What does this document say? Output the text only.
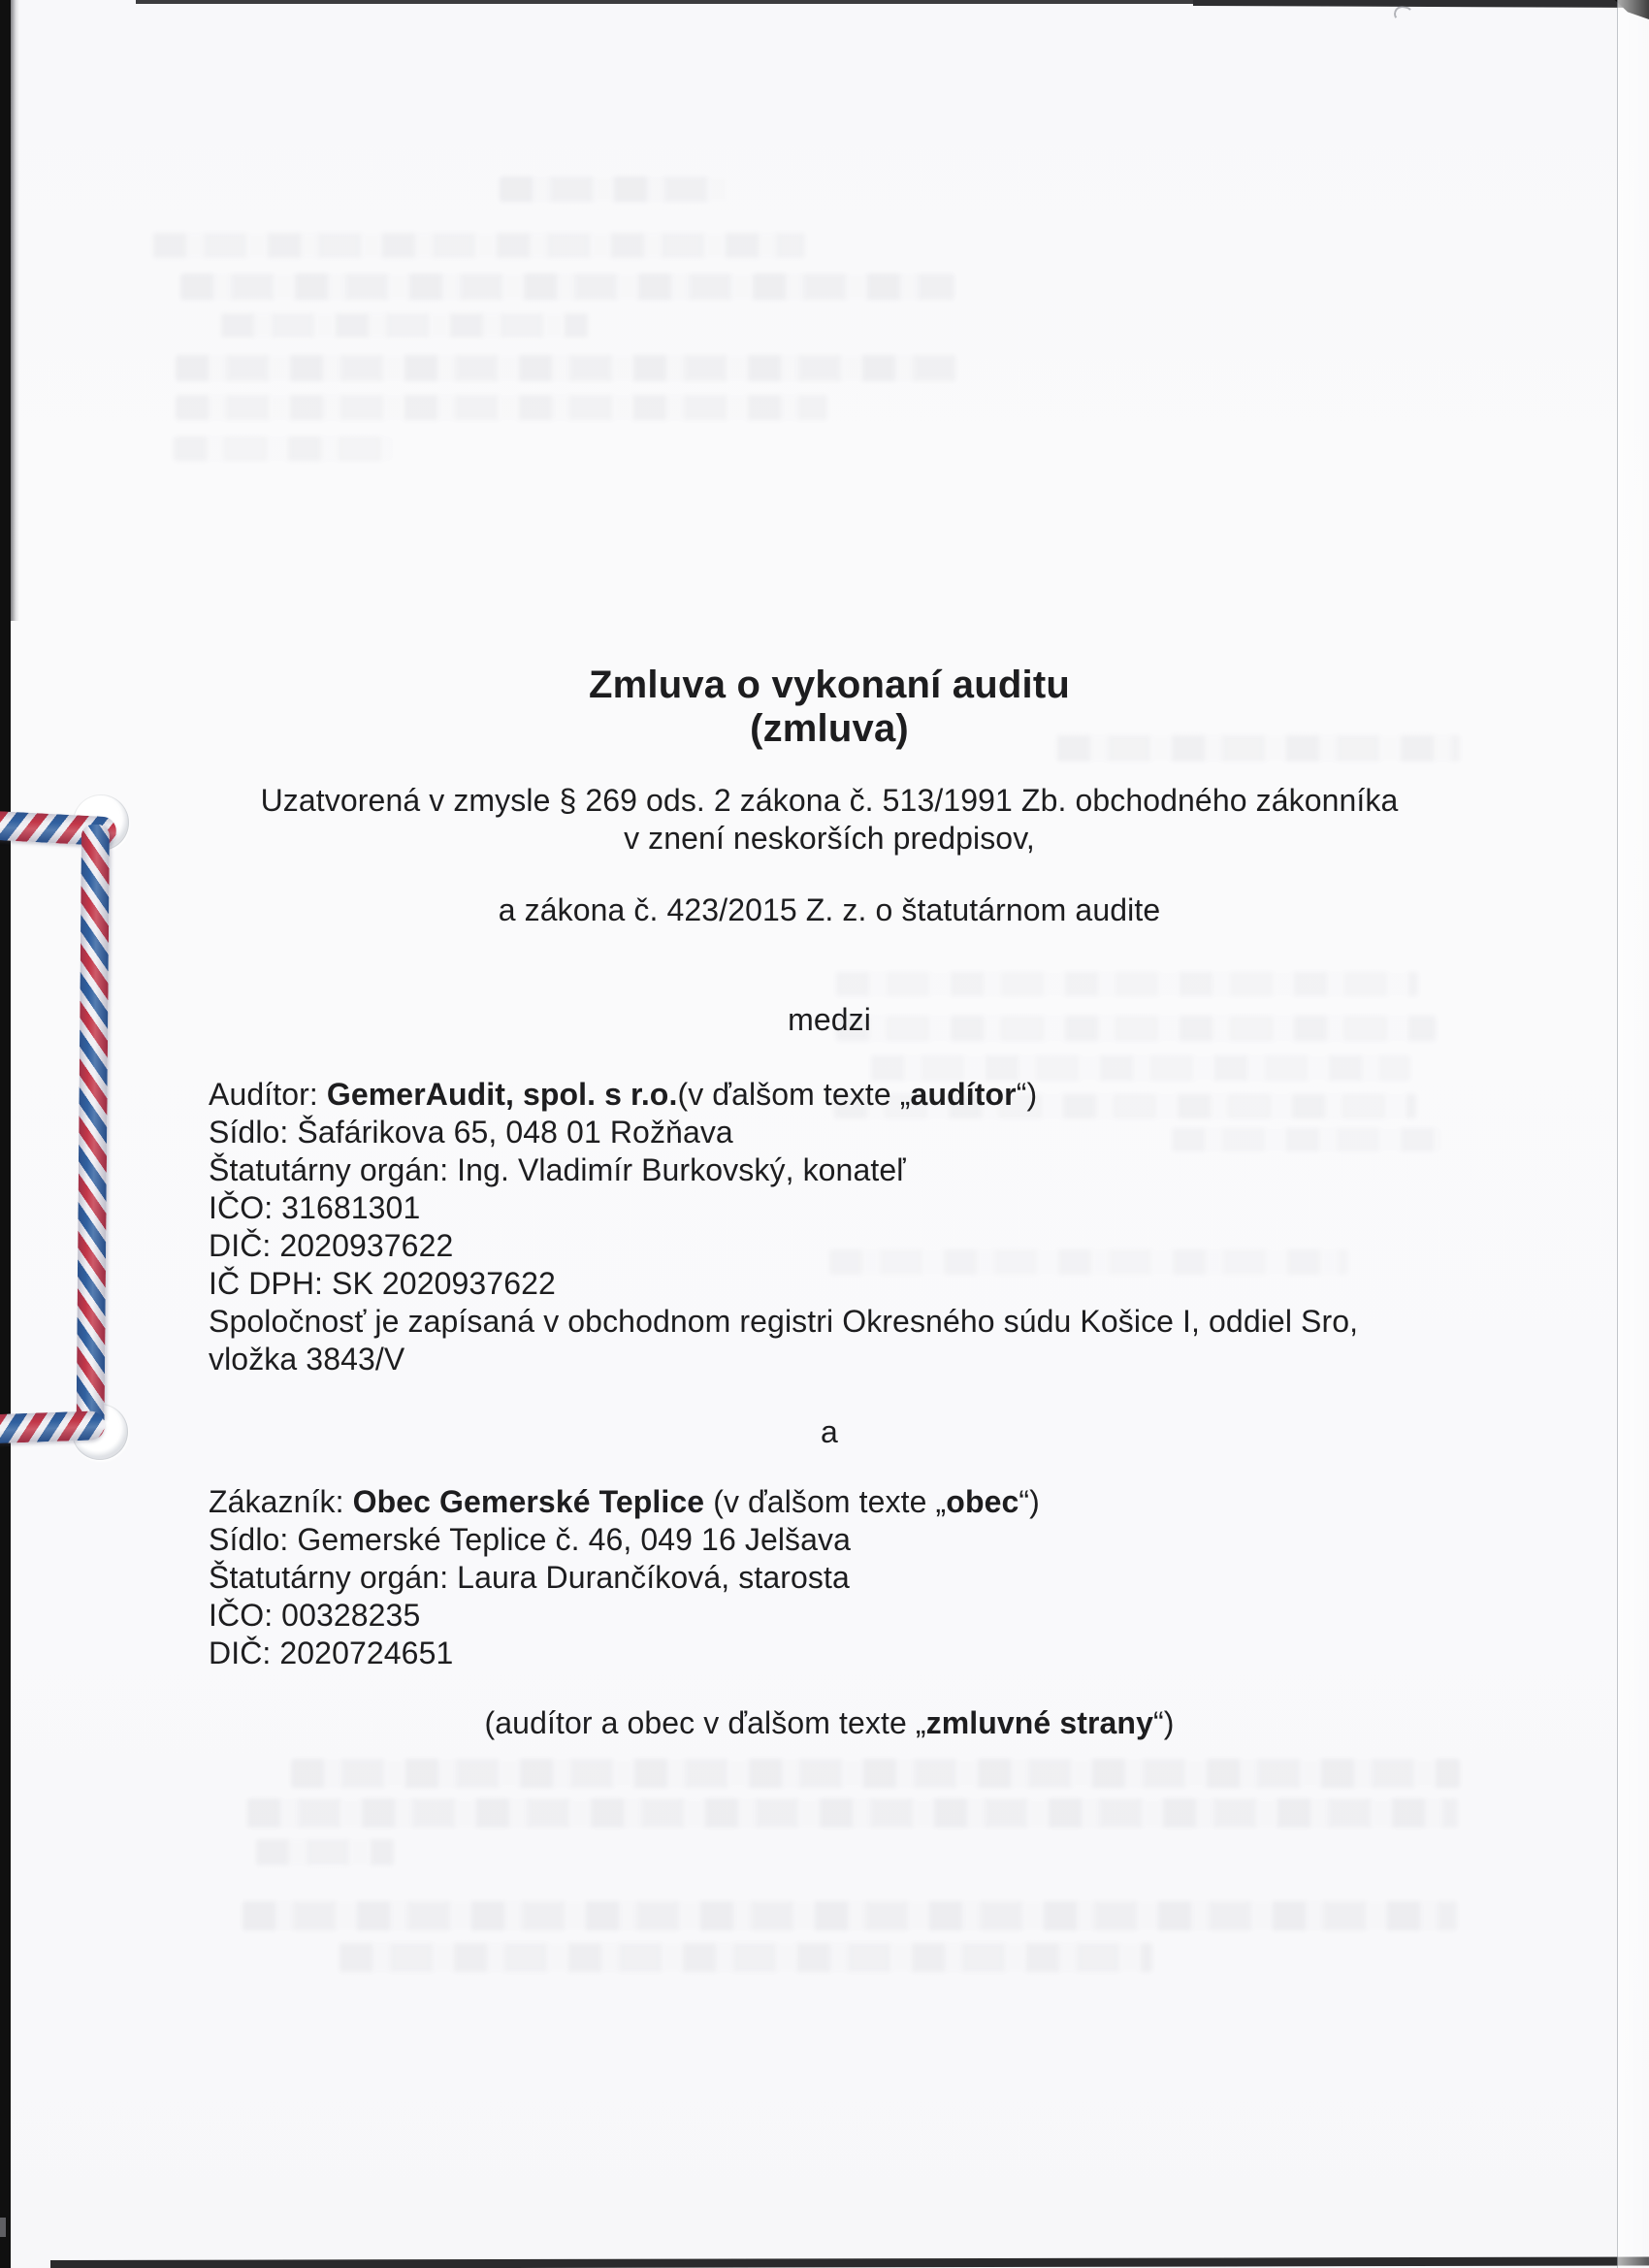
Zmluva o vykonaní auditu
(zmluva)
Uzatvorená v zmysle § 269 ods. 2 zákona č. 513/1991 Zb. obchodného zákonníka
v znení neskorších predpisov,
a zákona č. 423/2015 Z. z. o štatutárnom audite
medzi
Audítor: GemerAudit, spol. s r.o.(v ďalšom texte „audítor“)
Sídlo: Šafárikova 65, 048 01 Rožňava
Štatutárny orgán: Ing. Vladimír Burkovský, konateľ
IČO: 31681301
DIČ: 2020937622
IČ DPH: SK 2020937622
Spoločnosť je zapísaná v obchodnom registri Okresného súdu Košice I, oddiel Sro,
vložka 3843/V
a
Zákazník: Obec Gemerské Teplice (v ďalšom texte „obec“)
Sídlo: Gemerské Teplice č. 46, 049 16 Jelšava
Štatutárny orgán: Laura Durančíková, starosta
IČO: 00328235
DIČ: 2020724651
(audítor a obec v ďalšom texte „zmluvné strany“)
